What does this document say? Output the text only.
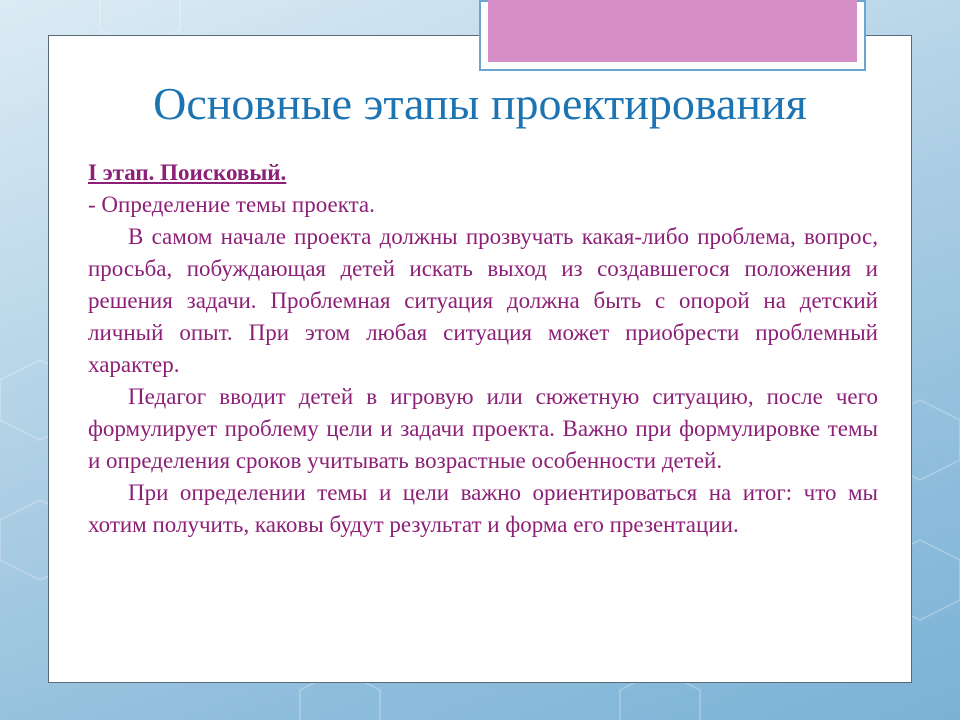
Основные этапы проектирования

I этап. Поисковый.

- Определение темы проекта.

В самом начале проекта должны прозвучать какая-либо проблема, вопрос, просьба, побуждающая детей искать выход из создавшегося положения и решения задачи. Проблемная ситуация должна быть с опорой на детский личный опыт. При этом любая ситуация может приобрести проблемный характер.

Педагог вводит детей в игровую или сюжетную ситуацию, после чего формулирует проблему цели и задачи проекта. Важно при формулировке темы и определения сроков учитывать возрастные особенности детей.

При определении темы и цели важно ориентироваться на итог: что мы хотим получить, каковы будут результат и форма его презентации.
